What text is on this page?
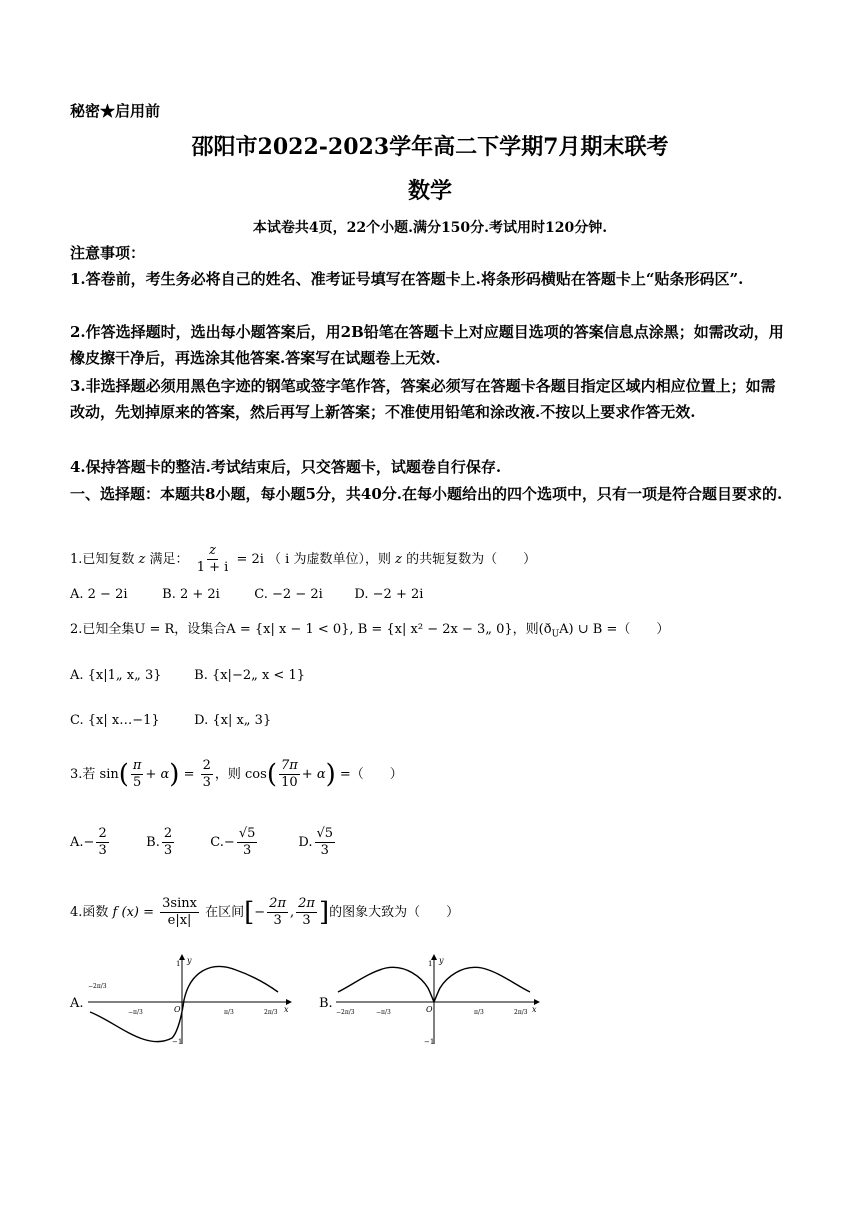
秘密★启用前
邵阳市2022-2023学年高二下学期7月期末联考
数学
本试卷共4页，22个小题.满分150分.考试用时120分钟.
注意事项：
1.答卷前，考生务必将自己的姓名、准考证号填写在答题卡上.将条形码横贴在答题卡上“贴条形码区”.
2.作答选择题时，选出每小题答案后，用2B铅笔在答题卡上对应题目选项的答案信息点涂黑；如需改动，用橡皮擦干净后，再选涂其他答案.答案写在试题卷上无效.
3.非选择题必须用黑色字迹的钢笔或签字笔作答，答案必须写在答题卡各题目指定区域内相应位置上；如需改动，先划掉原来的答案，然后再写上新答案；不准使用铅笔和涂改液.不按以上要求作答无效.
4.保持答题卡的整洁.考试结束后，只交答题卡，试题卷自行保存.
一、选择题：本题共8小题，每小题5分，共40分.在每小题给出的四个选项中，只有一项是符合题目要求的.
1.已知复数 z 满足： $\frac{z}{1 + i} = 2i$ （ i 为虚数单位），则 z 的共轭复数为（　　）
A. 2 − 2i	B. 2 + 2i	C. −2 − 2i D. −2 + 2i
2.已知全集U = R，设集合A = {x| x − 1 < 0}, B = {x| x² − 2x − 3„ 0}，则$(ð_UA)$ ∪ B =（　　）
A. {x|1„ x„ 3}	B. {x|−2„ x < 1}
C. {x| x…−1}	D. {x| x„ 3}
3.若 $\sin( \frac{\pi}{5} + \alpha) = \frac{2}{3}$ ，则 $\cos( \frac{7\pi}{10} + \alpha)$ =（　　）
$A.- \frac{2}{3}$	B. $\frac{2}{3}$	$C.- \frac{√5}{3}$	D. $\frac{√5}{3}$
4.函数 f $(x) = \frac{3\sin x}{e|x|}$ 在区间[− $\frac{2\pi}{3}$ , $\frac{2\pi}{3}$ ]的图象大致为（　　）
A.
1
−1
y
x
O
−2π/3
−π/3	π/3	2π/3
B.
1
−1
y
x
O
−2π/3	−π/3	π/3	2π/3
